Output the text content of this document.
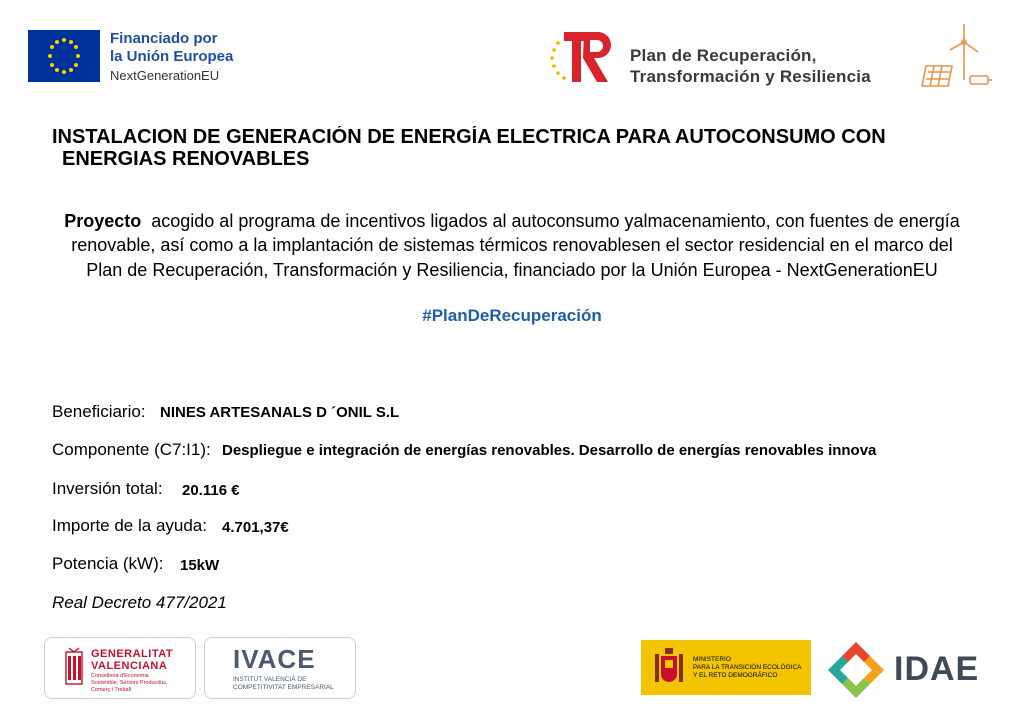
Financiado por
la Unión Europea
NextGenerationEU
Plan de Recuperación,
Transformación y Resiliencia
INSTALACION DE GENERACIÓN DE ENERGÍA ELECTRICA PARA AUTOCONSUMO CON
ENERGIAS RENOVABLES
Proyecto  acogido al programa de incentivos ligados al autoconsumo yalmacenamiento, con fuentes de energía
renovable, así como a la implantación de sistemas térmicos renovablesen el sector residencial en el marco del
Plan de Recuperación, Transformación y Resiliencia, financiado por la Unión Europea - NextGenerationEU
#PlanDeRecuperación
Beneficiario: NINES ARTESANALS D ´ONIL S.L
Componente (C7:I1): Despliegue e integración de energías renovables. Desarrollo de energías renovables innova
Inversión total: 20.116 €
Importe de la ayuda: 4.701,37€
Potencia (kW): 15kW
Real Decreto 477/2021
GENERALITAT
VALENCIANA
Conselleria d'Economia
Sostenible, Sectors Productius,
Comerç i Treball
IVACE
INSTITUT VALENCIÀ DE
COMPETITIVITAT EMPRESARIAL
MINISTERIO
PARA LA TRANSICIÓN ECOLÓGICA
Y EL RETO DEMOGRÁFICO	IDAE
